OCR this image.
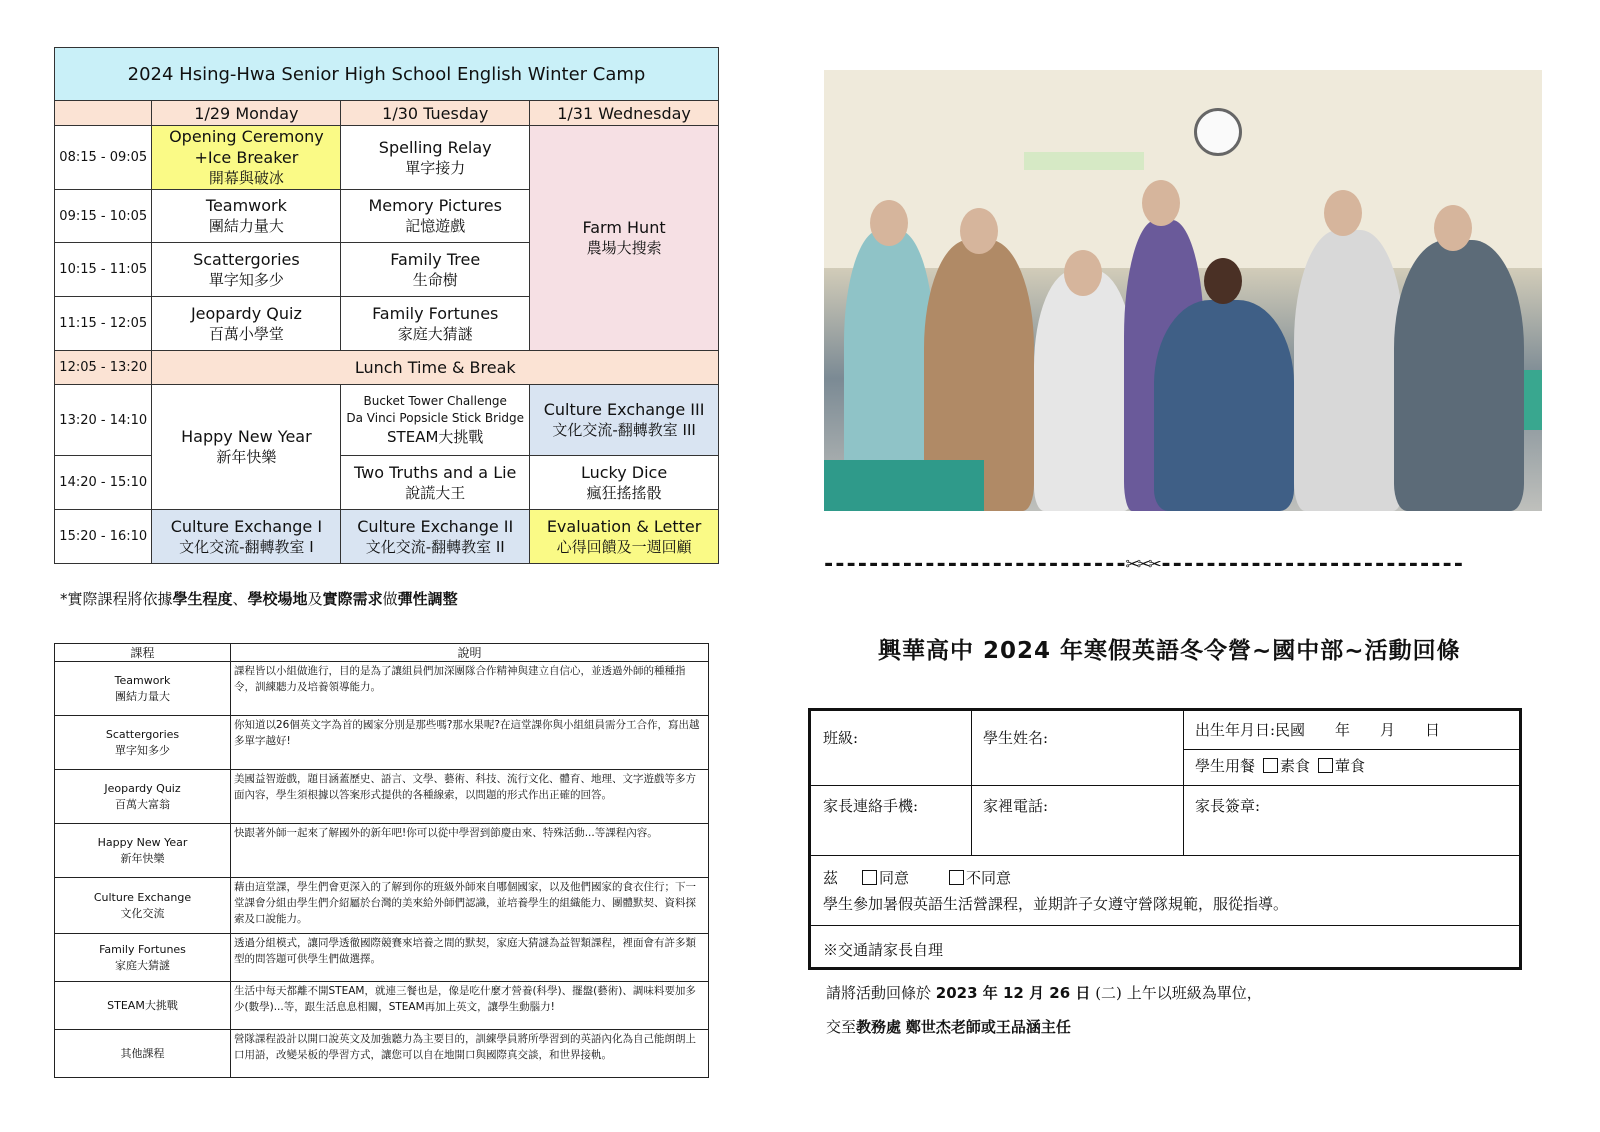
2024 Hsing-Hwa Senior High School English Winter Camp			
	1/29 Monday	1/30 Tuesday	1/31 Wednesday
08:15 - 09:05	Opening Ceremony
+Ice Breaker
開幕與破冰	Spelling Relay
單字接力	Farm Hunt
農場大搜索

09:15 - 10:05	Teamwork
團結力量大	Memory Pictures
記憶遊戲	

10:15 - 11:05	Scattergories
單字知多少	Family Tree
生命樹	

11:15 - 12:05	Jeopardy Quiz
百萬小學堂	Family Fortunes
家庭大猜謎	

12:05 - 13:20	Lunch Time & Break		
13:20 - 14:10	Happy New Year
新年快樂	Bucket Tower Challenge
Da Vinci Popsicle Stick Bridge
STEAM大挑戰	Culture Exchange III
文化交流-翻轉教室 III

14:20 - 15:10		Two Truths and a Lie
說謊大王	Lucky Dice
瘋狂搖搖骰

15:20 - 16:10	Culture Exchange I
文化交流-翻轉教室 I	Culture Exchange II
文化交流-翻轉教室 II	Evaluation & Letter
心得回饋及一週回顧
*實際課程將依據學生程度、學校場地及實際需求做彈性調整
課程	說明
Teamwork
團結力量大	課程皆以小組做進行，目的是為了讓組員們加深團隊合作精神與建立自信心，並透過外師的種種指令，訓練聽力及培養領導能力。
Scattergories
單字知多少	你知道以26個英文字為首的國家分別是那些嗎?那水果呢?在這堂課你與小組組員需分工合作，寫出越多單字越好!
Jeopardy Quiz
百萬大富翁	美國益智遊戲，題目涵蓋歷史、語言、文學、藝術、科技、流行文化、體育、地理、文字遊戲等多方面內容，學生須根據以答案形式提供的各種線索，以問題的形式作出正確的回答。
Happy New Year
新年快樂	快跟著外師一起來了解國外的新年吧!你可以從中學習到節慶由來、特殊活動...等課程內容。
Culture Exchange
文化交流	藉由這堂課，學生們會更深入的了解到你的班級外師來自哪個國家，以及他們國家的食衣住行；下一堂課會分組由學生們介紹屬於台灣的美來給外師們認識，並培養學生的組織能力、團體默契、資料探索及口說能力。
Family Fortunes
家庭大猜謎	透過分組模式，讓同學透徹國際競賽來培養之間的默契，家庭大猜謎為益智類課程，裡面會有許多類型的問答題可供學生們做選擇。
STEAM大挑戰	生活中每天都離不開STEAM，就連三餐也是，像是吃什麼才營養(科學)、擺盤(藝術)、調味料要加多少(數學)...等，跟生活息息相關，STEAM再加上英文，讓學生動腦力!
其他課程	營隊課程設計以開口說英文及加強聽力為主要目的，訓練學員將所學習到的英語內化為自己能朗朗上口用語，改變呆板的學習方式，讓您可以自在地開口與國際真交談，和世界接軌。
---------------------------✂✂✂---------------------------
興華高中 2024 年寒假英語冬令營~國中部~活動回條
班級:	學生姓名:	出生年月日:民國　　年　　月　　日
學生用餐 素食 葷食
家長連絡手機:	家裡電話:	家長簽章:
茲	同意	不同意
學生參加暑假英語生活營課程，並期許子女遵守營隊規範，服從指導。
※交通請家長自理
請將活動回條於 2023 年 12 月 26 日 (二) 上午以班級為單位，
交至教務處 鄭世杰老師或王品涵主任
